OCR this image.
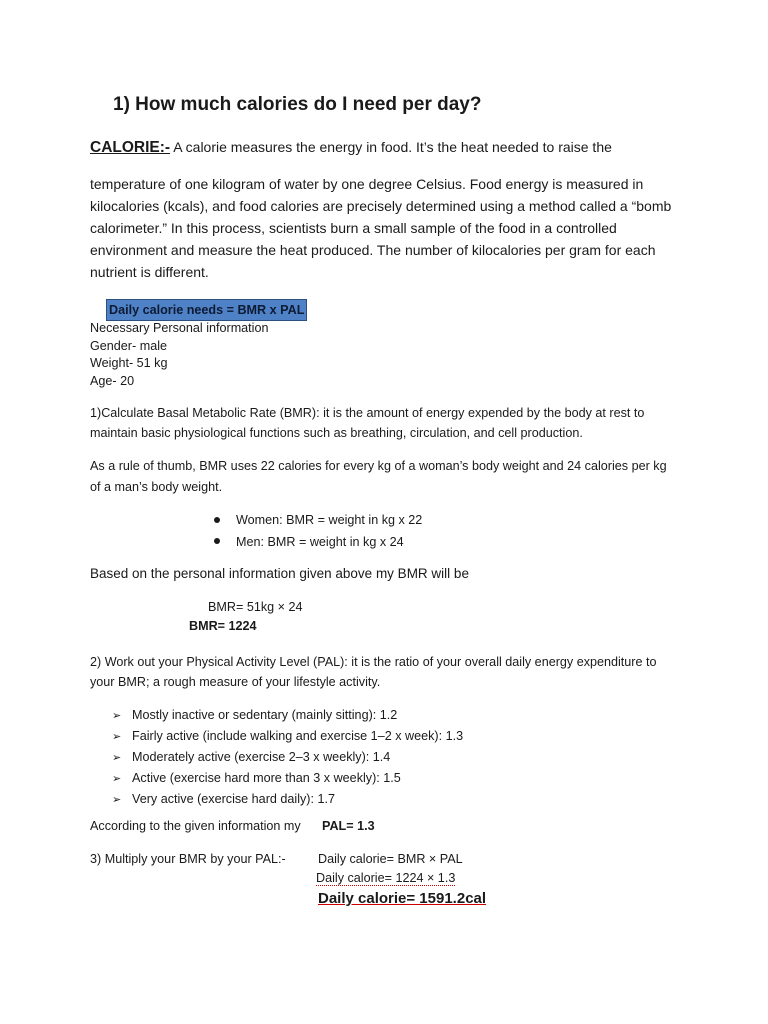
1) How much calories do I need per day?
CALORIE:- A calorie measures the energy in food. It’s the heat needed to raise the
temperature of one kilogram of water by one degree Celsius. Food energy is measured in
kilocalories (kcals), and food calories are precisely determined using a method called a “bomb
calorimeter.” In this process, scientists burn a small sample of the food in a controlled
environment and measure the heat produced. The number of kilocalories per gram for each
nutrient is different.
Daily calorie needs = BMR x PAL
Necessary Personal information
Gender- male
Weight- 51 kg
Age- 20
1)Calculate Basal Metabolic Rate (BMR): it is the amount of energy expended by the body at rest to
maintain basic physiological functions such as breathing, circulation, and cell production.
As a rule of thumb, BMR uses 22 calories for every kg of a woman’s body weight and 24 calories per kg
of a man’s body weight.
Women: BMR = weight in kg x 22
Men: BMR = weight in kg x 24
Based on the personal information given above my BMR will be
BMR= 51kg × 24
BMR= 1224
2) Work out your Physical Activity Level (PAL): it is the ratio of your overall daily energy expenditure to
your BMR; a rough measure of your lifestyle activity.
➢ Mostly inactive or sedentary (mainly sitting): 1.2
➢ Fairly active (include walking and exercise 1–2 x week): 1.3
➢ Moderately active (exercise 2–3 x weekly): 1.4
➢ Active (exercise hard more than 3 x weekly): 1.5
➢ Very active (exercise hard daily): 1.7
According to the given information my PAL= 1.3
3) Multiply your BMR by your PAL:-	Daily calorie= BMR × PAL
Daily calorie= 1224 × 1.3
Daily calorie= 1591.2cal
